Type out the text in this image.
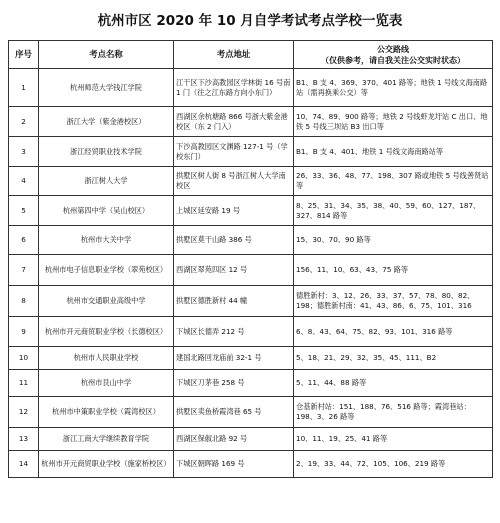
杭州市区 2020 年 10 月自学考试考点学校一览表
序号	考点名称	考点地址	公交路线
（仅供参考，请自我关注公交实时状态）

1	杭州师范大学钱江学院	江干区下沙高教园区学林街 16 号南 1 门（往之江东路方向小东门）	B1、B 支 4、369、370、401 路等；地铁 1 号线文海南路站（需再换乘公交）等
2	浙江大学（紫金港校区）	西湖区余杭塘路 866 号浙大紫金港校区（东 2 门入）	10、74、89、900 路等；地铁 2 号线虾龙圩站 C 出口、地铁 5 号线三坝站 B3 出口等
3	浙江经贸职业技术学院	下沙高教园区文渊路 127-1 号（学校东门）	B1、B 支 4、401、地铁 1 号线文海南路站等
4	浙江树人大学	拱墅区树人街 8 号浙江树人大学南校区	26、33、36、48、77、198、307 路或地铁 5 号线善贤站等
5	杭州第四中学（吴山校区）	上城区延安路 19 号	8、25、31、34、35、38、40、59、60、127、187、327、814 路等
6	杭州市大关中学	拱墅区莫干山路 386 号	15、30、70、90 路等
7	杭州市电子信息职业学校（翠苑校区）	西湖区翠苑四区 12 号	156、11、10、63、43、75 路等
8	杭州市交通职业高级中学	拱墅区德胜新村 44 幢	德胜新村：3、12、26、33、37、57、78、80、82、198；德胜新村南：41、43、86、6、75、101、316
9	杭州市开元商贸职业学校（长德校区）	下城区长德弄 212 号	6、8、43、64、75、82、93、101、316 路等
10	杭州市人民职业学校	建国北路回龙庙前 32-1 号	5、18、21、29、32、35、45、111、B2
11	杭州市艮山中学	下城区刀茅巷 258 号	5、11、44、88 路等
12	杭州市中策职业学校（霞湾校区）	拱墅区卖鱼桥霞湾巷 65 号	仓基新村站：151、188、76、516 路等；霞湾巷站：198、3、26 路等
13	浙江工商大学继续教育学院	西湖区保俶北路 92 号	10、11、19、25、41 路等
14	杭州市开元商贸职业学校（施家桥校区）	下城区朝晖路 169 号	2、19、33、44、72、105、106、219 路等
